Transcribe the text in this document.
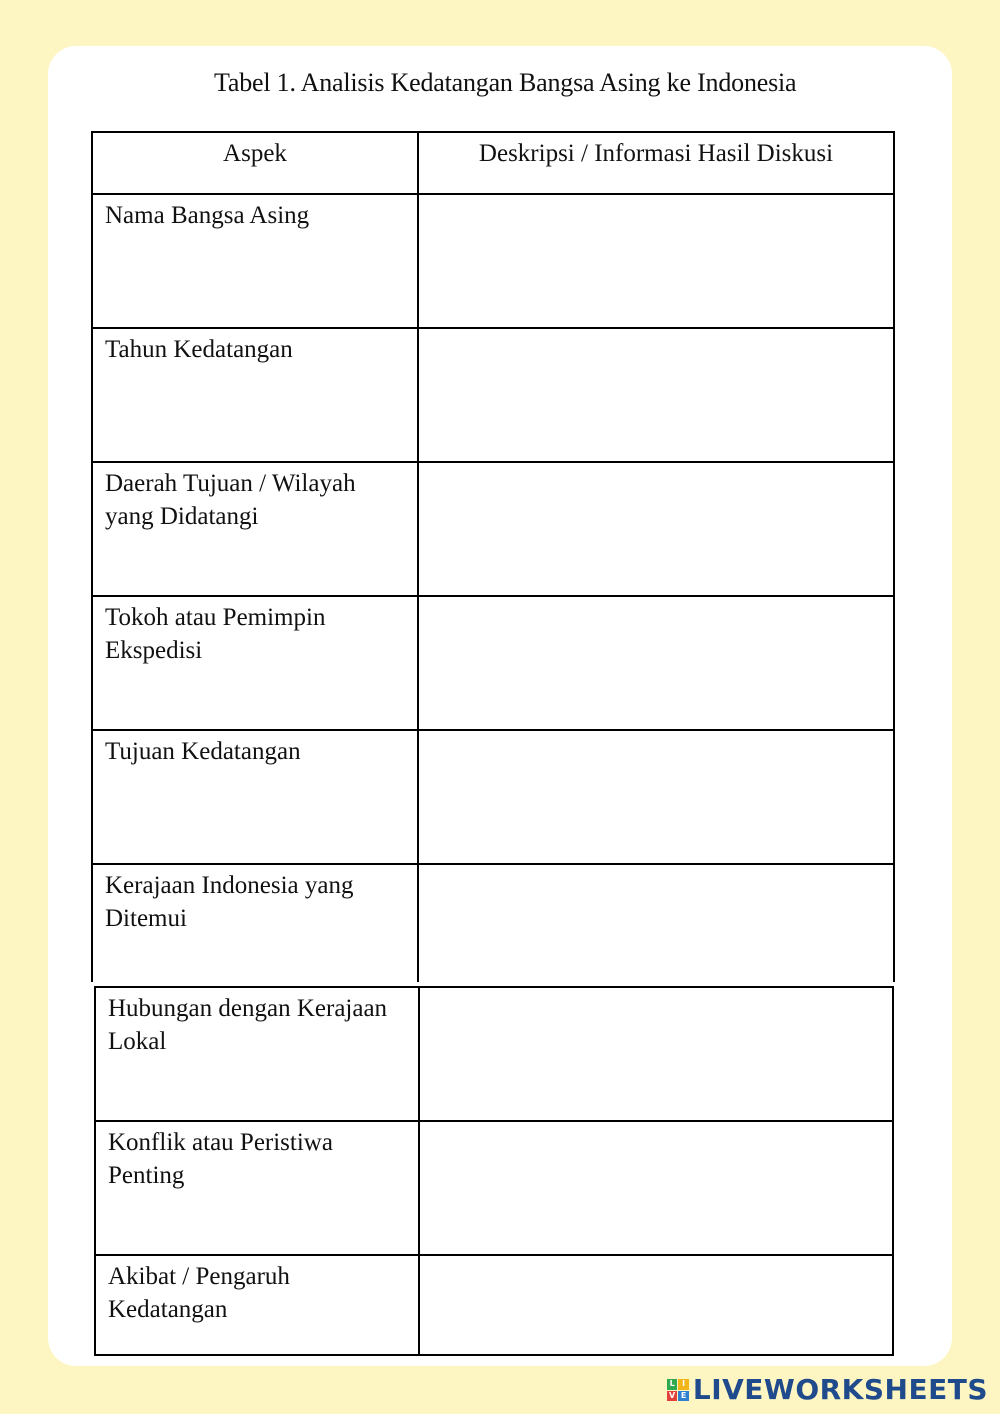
Tabel 1. Analisis Kedatangan Bangsa Asing ke Indonesia
Aspek	Deskripsi / Informasi Hasil Diskusi
Nama Bangsa Asing	
Tahun Kedatangan	
Daerah Tujuan / Wilayah yang Didatangi	
Tokoh atau Pemimpin Ekspedisi	
Tujuan Kedatangan	
Kerajaan Indonesia yang Ditemui	
Hubungan dengan Kerajaan Lokal	
Konflik atau Peristiwa Penting	
Akibat / Pengaruh Kedatangan	
L I
V E LIVEWORKSHEETS
